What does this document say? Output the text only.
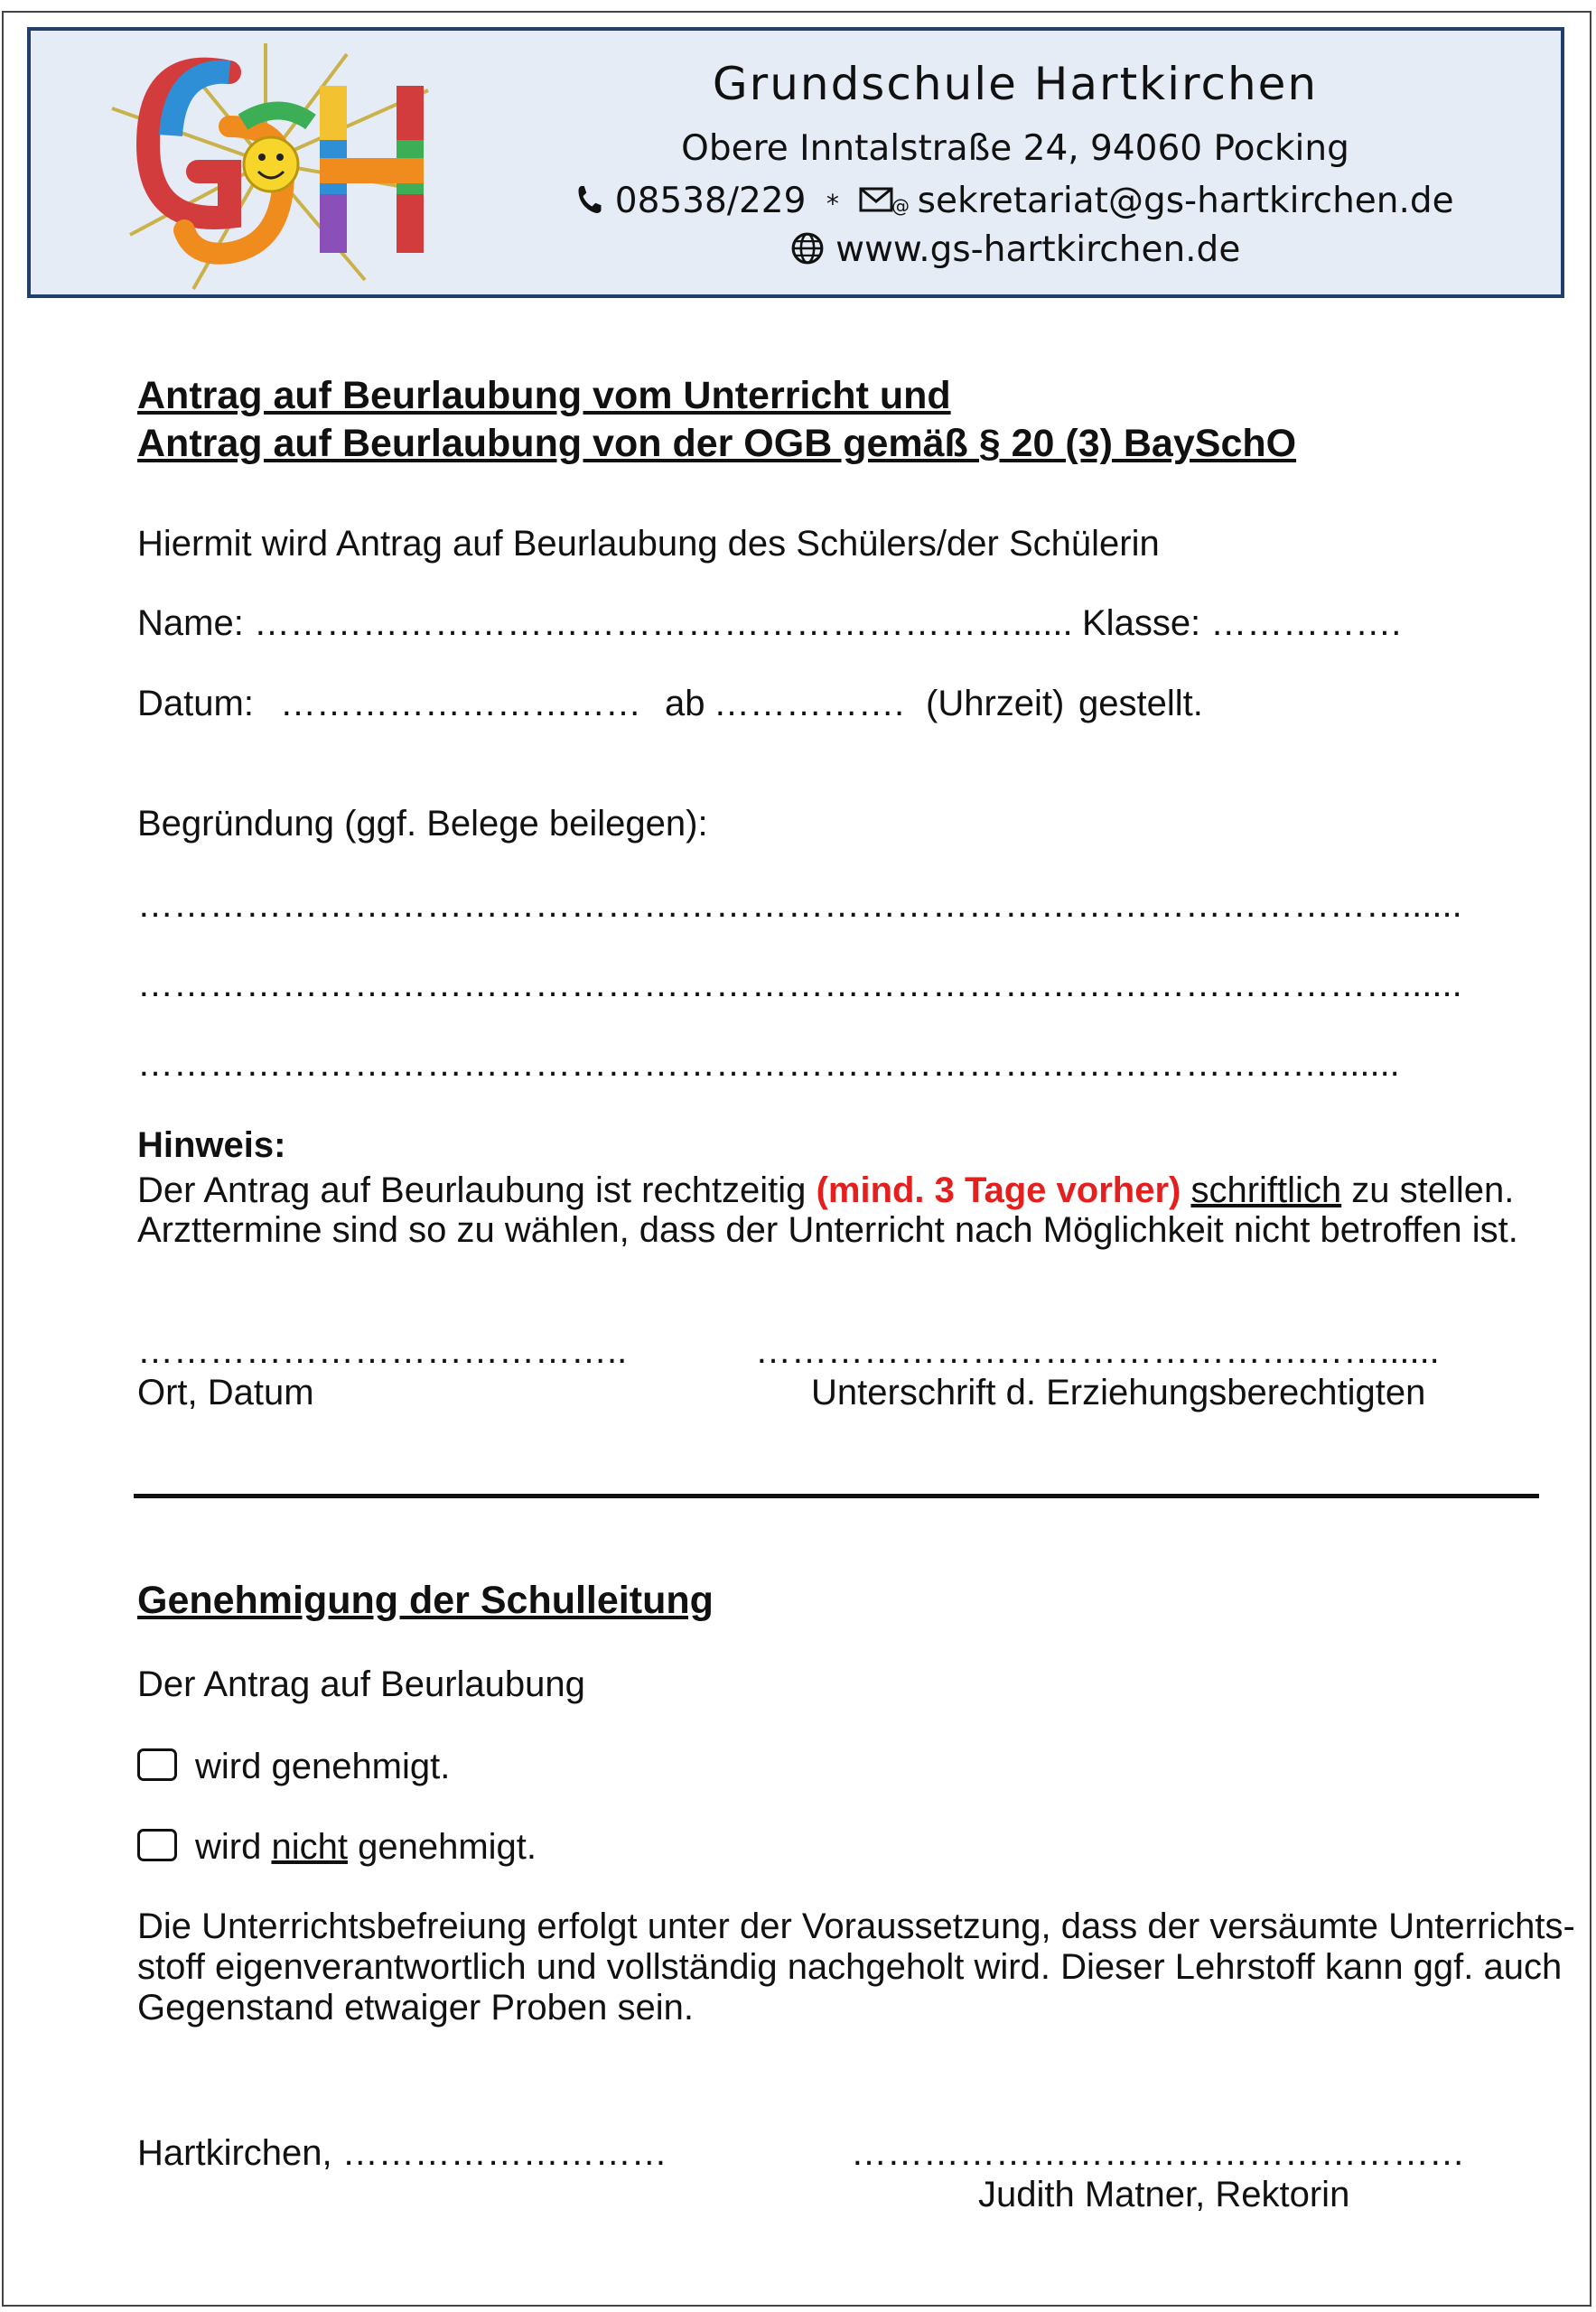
Grundschule Hartkirchen
Obere Inntalstraße 24, 94060 Pocking
08538/229 *	@ sekretariat@gs-hartkirchen.de
www.gs-hartkirchen.de
Antrag auf Beurlaubung vom Unterricht und
Antrag auf Beurlaubung von der OGB gemäß § 20 (3) BaySchO
Hiermit wird Antrag auf Beurlaubung des Schülers/der Schülerin
Name: ………………………………………………………...... Klasse: …………….
Datum: ………………………… ab ……………. (Uhrzeit) gestellt.
Begründung (ggf. Belege beilegen):
……………………………………………………………………………………………......
……………………………………………………………………………………………......
…………………………………………………………………………………….…......
Hinweis:
Der Antrag auf Beurlaubung ist rechtzeitig (mind. 3 Tage vorher) schriftlich zu stellen.
Arzttermine sind so zu wählen, dass der Unterricht nach Möglichkeit nicht betroffen ist.
…………………………………..
Ort, Datum
……………………………………….……......
Unterschrift d. Erziehungsberechtigten
Genehmigung der Schulleitung
Der Antrag auf Beurlaubung
wird genehmigt.
wird nicht genehmigt.
Die Unterrichtsbefreiung erfolgt unter der Voraussetzung, dass der versäumte Unterrichts-
stoff eigenverantwortlich und vollständig nachgeholt wird. Dieser Lehrstoff kann ggf. auch
Gegenstand etwaiger Proben sein.
Hartkirchen, ………………………	……………………………………………
Judith Matner, Rektorin
